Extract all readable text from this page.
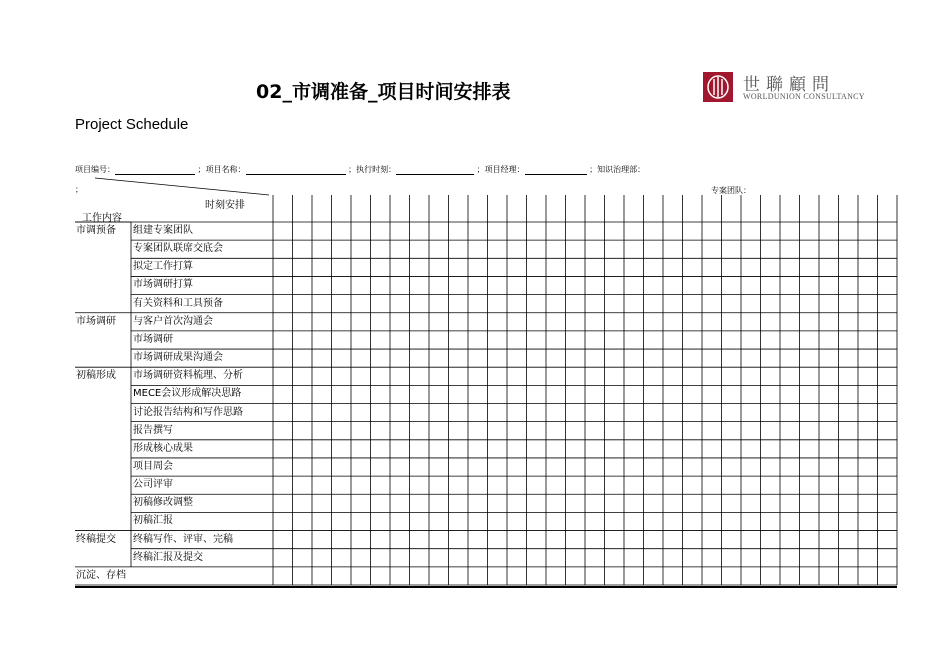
02_市调准备_项目时间安排表	世聯顧問
WORLDUNION CONSULTANCY
Project Schedule
项目编号：	；项目名称：	；执行时刻：	；项目经理：	；知识治理部：
；	专案团队：
时刻安排
工作内容
市调预备 组建专案团队
专案团队联席交底会
拟定工作打算
市场调研打算
有关资料和工具预备
市场调研 与客户首次沟通会
市场调研
市场调研成果沟通会
初稿形成 市场调研资料梳理、分析
MECE会议形成解决思路
讨论报告结构和写作思路
报告撰写
形成核心成果
项目周会
公司评审
初稿修改调整
初稿汇报
终稿提交 终稿写作、评审、完稿
终稿汇报及提交
沉淀、存档
